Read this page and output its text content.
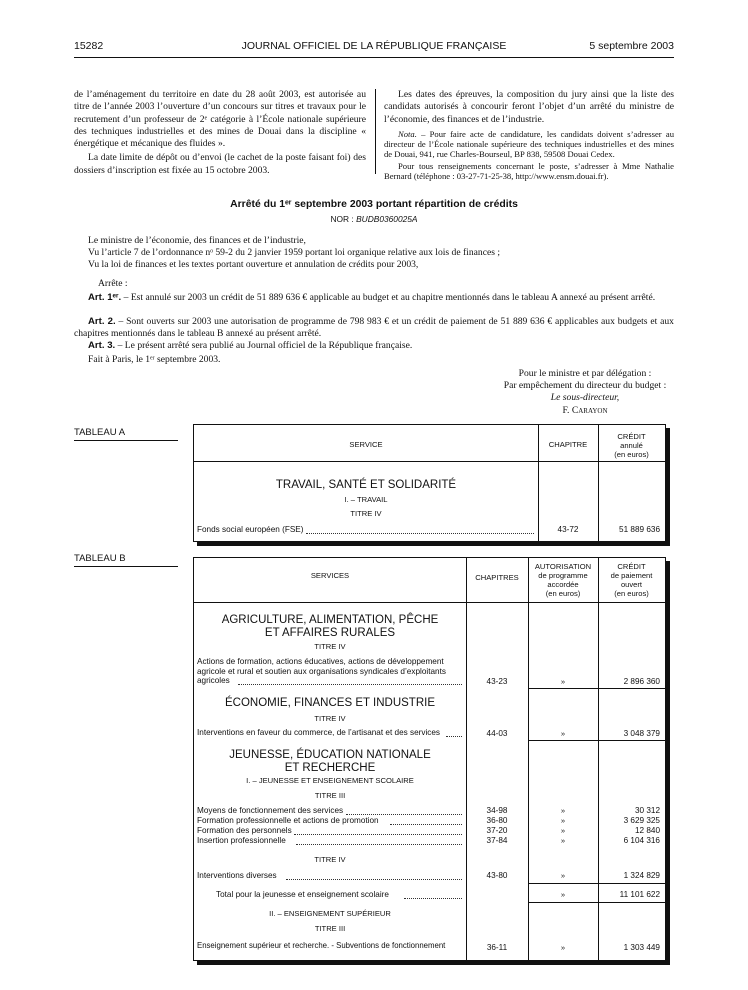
15282	JOURNAL OFFICIEL DE LA RÉPUBLIQUE FRANÇAISE	5 septembre 2003

de l’aménagement du territoire en date du 28 août 2003, est autorisée au titre de l’année 2003 l’ouverture d’un concours sur titres et travaux pour le recrutement d’un professeur de 2ᵉ catégorie à l’École nationale supérieure des techniques industrielles et des mines de Douai dans la discipline « énergétique et mécanique des fluides ».

La date limite de dépôt ou d’envoi (le cachet de la poste faisant foi) des dossiers d’inscription est fixée au 15 octobre 2003.

Les dates des épreuves, la composition du jury ainsi que la liste des candidats autorisés à concourir feront l’objet d’un arrêté du ministre de l’économie, des finances et de l’industrie.

Nota. – Pour faire acte de candidature, les candidats doivent s’adresser au directeur de l’École nationale supérieure des techniques industrielles et des mines de Douai, 941, rue Charles-Bourseul, BP 838, 59508 Douai Cedex.

Pour tous renseignements concernant le poste, s’adresser à Mme Nathalie Bernard (téléphone : 03-27-71-25-38, http://www.ensm.douai.fr).

Arrêté du 1ᵉʳ septembre 2003 portant répartition de crédits
NOR : BUDB0360025A
Le ministre de l’économie, des finances et de l’industrie,
Vu l’article 7 de l’ordonnance nᵒ 59-2 du 2 janvier 1959 portant loi organique relative aux lois de finances ;
Vu la loi de finances et les textes portant ouverture et annulation de crédits pour 2003,
Arrête :
Art. 1ᵉʳ. – Est annulé sur 2003 un crédit de 51 889 636 € applicable au budget et au chapitre mentionnés dans le tableau A annexé au présent arrêté.
Art. 2. – Sont ouverts sur 2003 une autorisation de programme de 798 983 € et un crédit de paiement de 51 889 636 € applicables aux budgets et aux chapitres mentionnés dans le tableau B annexé au présent arrêté.
Art. 3. – Le présent arrêté sera publié au Journal officiel de la République française.
Fait à Paris, le 1ᵉʳ septembre 2003.
Pour le ministre et par délégation :
Par empêchement du directeur du budget :
Le sous-directeur,
F. Carayon
TABLEAU A
SERVICE	CHAPITRE
CRÉDIT
annulé
(en euros)
TRAVAIL, SANTÉ ET SOLIDARITÉ
I. – TRAVAIL
TITRE IV
Fonds social européen (FSE)	43-72	51 889 636
TABLEAU B
SERVICES	CHAPITRES
AUTORISATION
de programme
accordée
(en euros)
CRÉDIT
de paiement
ouvert
(en euros)
AGRICULTURE, ALIMENTATION, PÊCHE
ET AFFAIRES RURALES
TITRE IV
Actions de formation, actions éducatives, actions de développement
agricole et rural et soutien aux organisations syndicales d’exploitants
agricoles	43-23	»	2 896 360
ÉCONOMIE, FINANCES ET INDUSTRIE
TITRE IV
Interventions en faveur du commerce, de l’artisanat et des services	44-03	»	3 048 379
JEUNESSE, ÉDUCATION NATIONALE
ET RECHERCHE
I. – JEUNESSE ET ENSEIGNEMENT SCOLAIRE
TITRE III
Moyens de fonctionnement des services	34-98	»	30 312
Formation professionnelle et actions de promotion	36-80	»	3 629 325
Formation des personnels	37-20	»	12 840
Insertion professionnelle	37-84	»	6 104 316
TITRE IV
Interventions diverses	43-80	»	1 324 829
Total pour la jeunesse et enseignement scolaire	»	11 101 622
II. – ENSEIGNEMENT SUPÉRIEUR
TITRE III
Enseignement supérieur et recherche. - Subventions de fonctionnement	36-11	»	1 303 449
